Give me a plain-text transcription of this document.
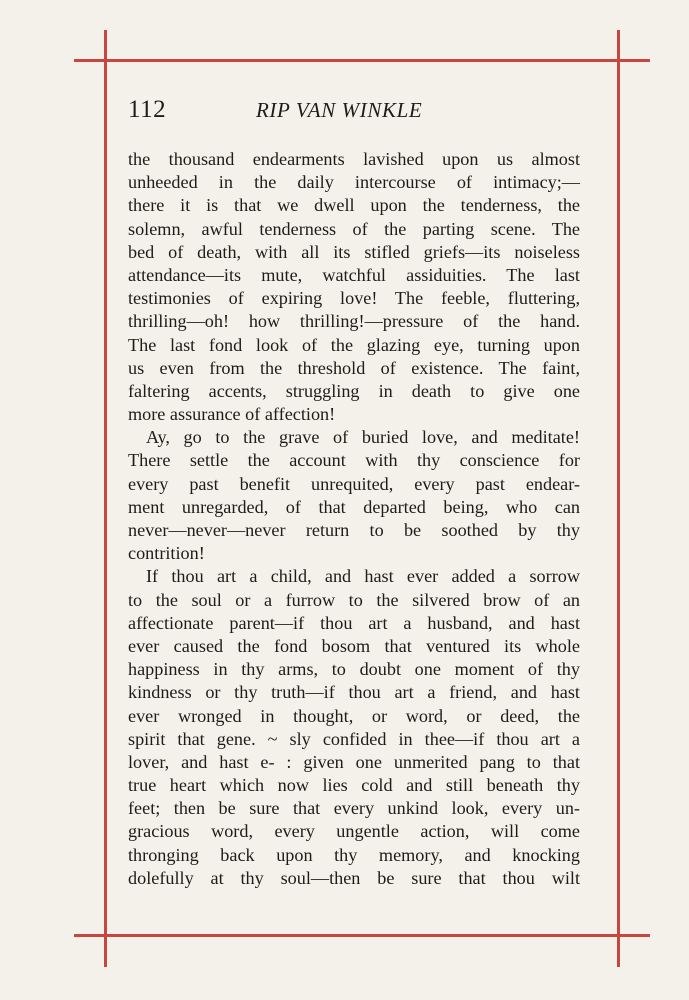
112	RIP VAN WINKLE
the thousand endearments lavished upon us almost
unheeded in the daily intercourse of intimacy;—
there it is that we dwell upon the tenderness, the
solemn, awful tenderness of the parting scene. The
bed of death, with all its stifled griefs—its noiseless
attendance—its mute, watchful assiduities. The last
testimonies of expiring love! The feeble, fluttering,
thrilling—oh! how thrilling!—pressure of the hand.
The last fond look of the glazing eye, turning upon
us even from the threshold of existence. The faint,
faltering accents, struggling in death to give one
more assurance of affection!
Ay, go to the grave of buried love, and meditate!
There settle the account with thy conscience for
every past benefit unrequited, every past endear-
ment unregarded, of that departed being, who can
never—never—never return to be soothed by thy
contrition!
If thou art a child, and hast ever added a sorrow
to the soul or a furrow to the silvered brow of an
affectionate parent—if thou art a husband, and hast
ever caused the fond bosom that ventured its whole
happiness in thy arms, to doubt one moment of thy
kindness or thy truth—if thou art a friend, and hast
ever wronged in thought, or word, or deed, the
spirit that gene. ~ sly confided in thee—if thou art a
lover, and hast e- : given one unmerited pang to that
true heart which now lies cold and still beneath thy
feet; then be sure that every unkind look, every un-
gracious word, every ungentle action, will come
thronging back upon thy memory, and knocking
dolefully at thy soul—then be sure that thou wilt
